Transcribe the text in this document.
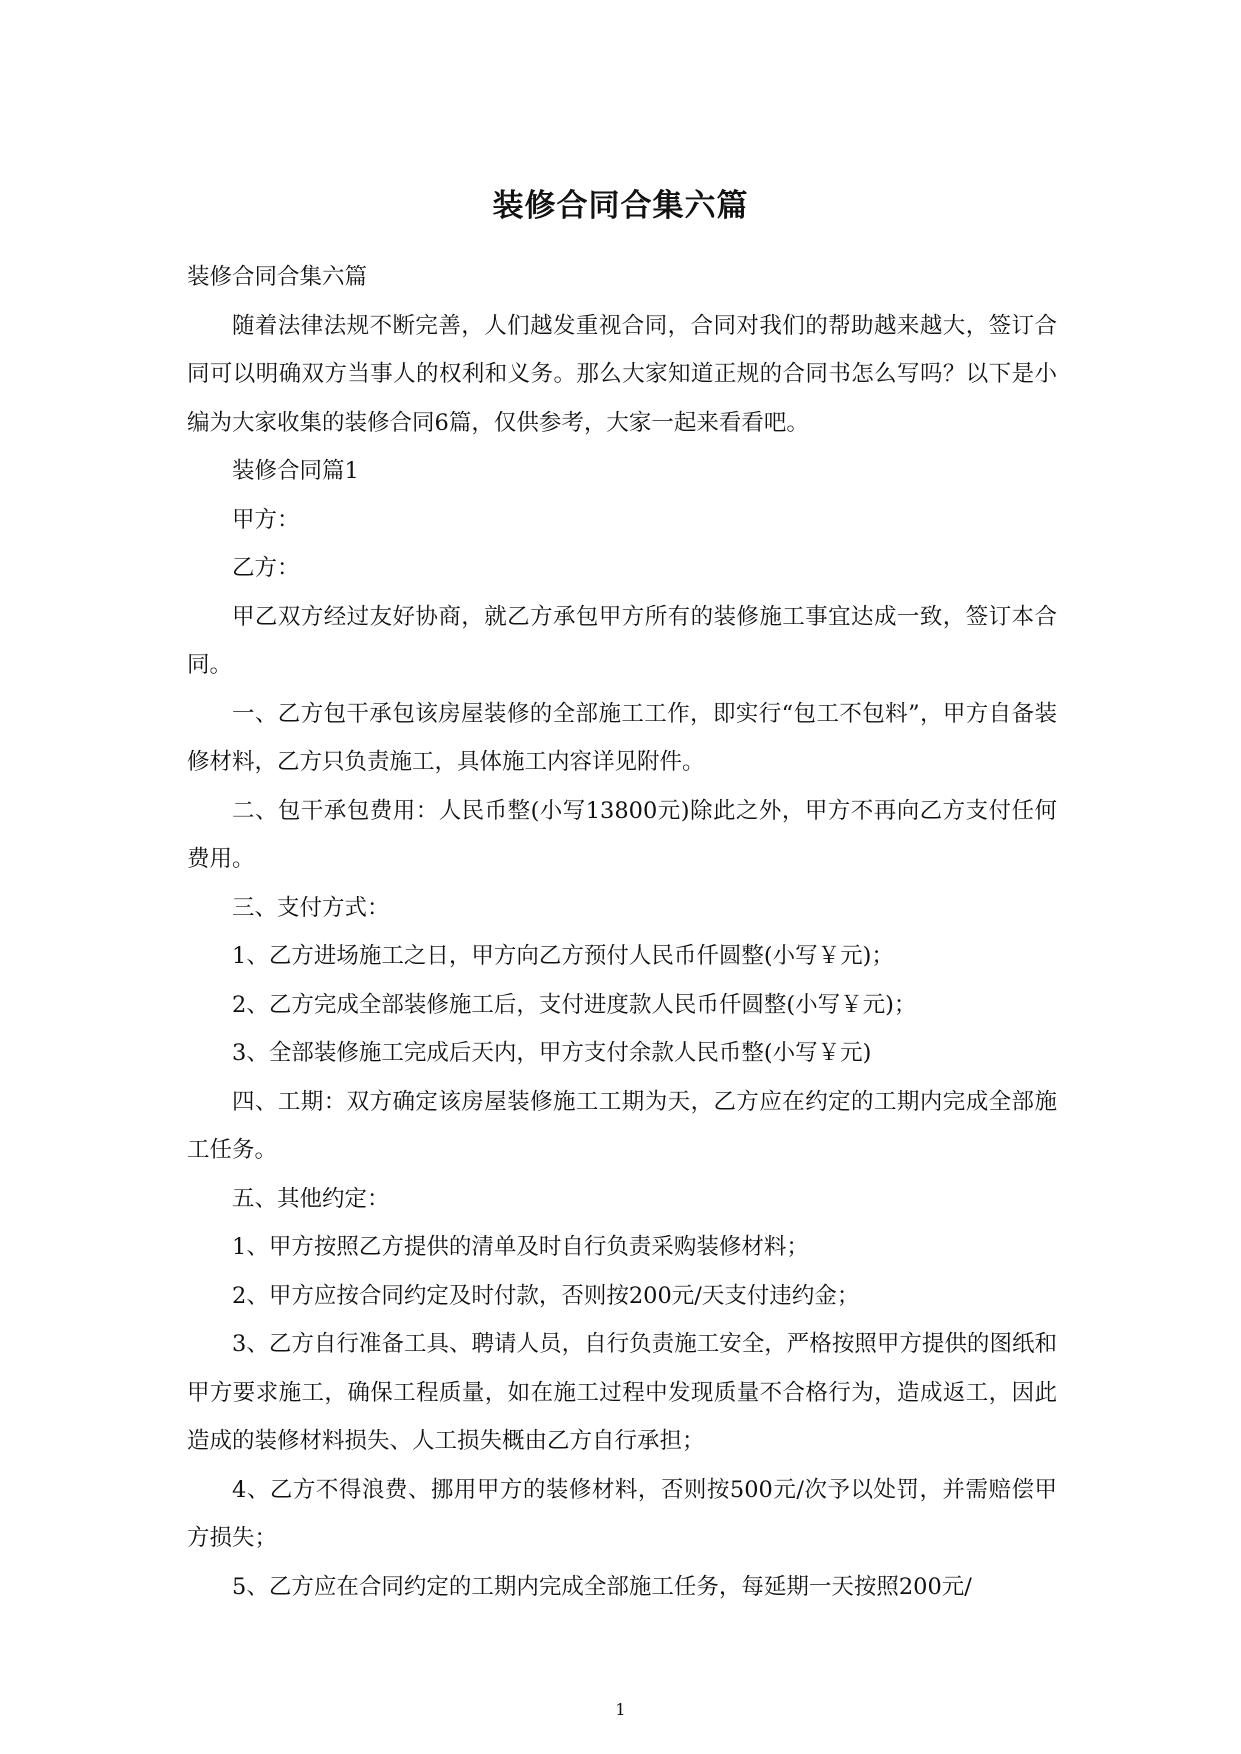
装修合同合集六篇

装修合同合集六篇

随着法律法规不断完善，人们越发重视合同，合同对我们的帮助越来越大，签订合同可以明确双方当事人的权利和义务。那么大家知道正规的合同书怎么写吗？以下是小编为大家收集的装修合同6篇，仅供参考，大家一起来看看吧。

装修合同篇1

甲方：

乙方：

甲乙双方经过友好协商，就乙方承包甲方所有的装修施工事宜达成一致，签订本合同。

一、乙方包干承包该房屋装修的全部施工工作，即实行“包工不包料”，甲方自备装修材料，乙方只负责施工，具体施工内容详见附件。

二、包干承包费用：人民币整(小写13800元)除此之外，甲方不再向乙方支付任何费用。

三、支付方式：

1、乙方进场施工之日，甲方向乙方预付人民币仟圆整(小写￥元)；

2、乙方完成全部装修施工后，支付进度款人民币仟圆整(小写￥元)；

3、全部装修施工完成后天内，甲方支付余款人民币整(小写￥元)

四、工期：双方确定该房屋装修施工工期为天，乙方应在约定的工期内完成全部施工任务。

五、其他约定：

1、甲方按照乙方提供的清单及时自行负责采购装修材料；

2、甲方应按合同约定及时付款，否则按200元/天支付违约金；

3、乙方自行准备工具、聘请人员，自行负责施工安全，严格按照甲方提供的图纸和甲方要求施工，确保工程质量，如在施工过程中发现质量不合格行为，造成返工，因此造成的装修材料损失、人工损失概由乙方自行承担；

4、乙方不得浪费、挪用甲方的装修材料，否则按500元/次予以处罚，并需赔偿甲方损失；

5、乙方应在合同约定的工期内完成全部施工任务，每延期一天按照200元/

1
